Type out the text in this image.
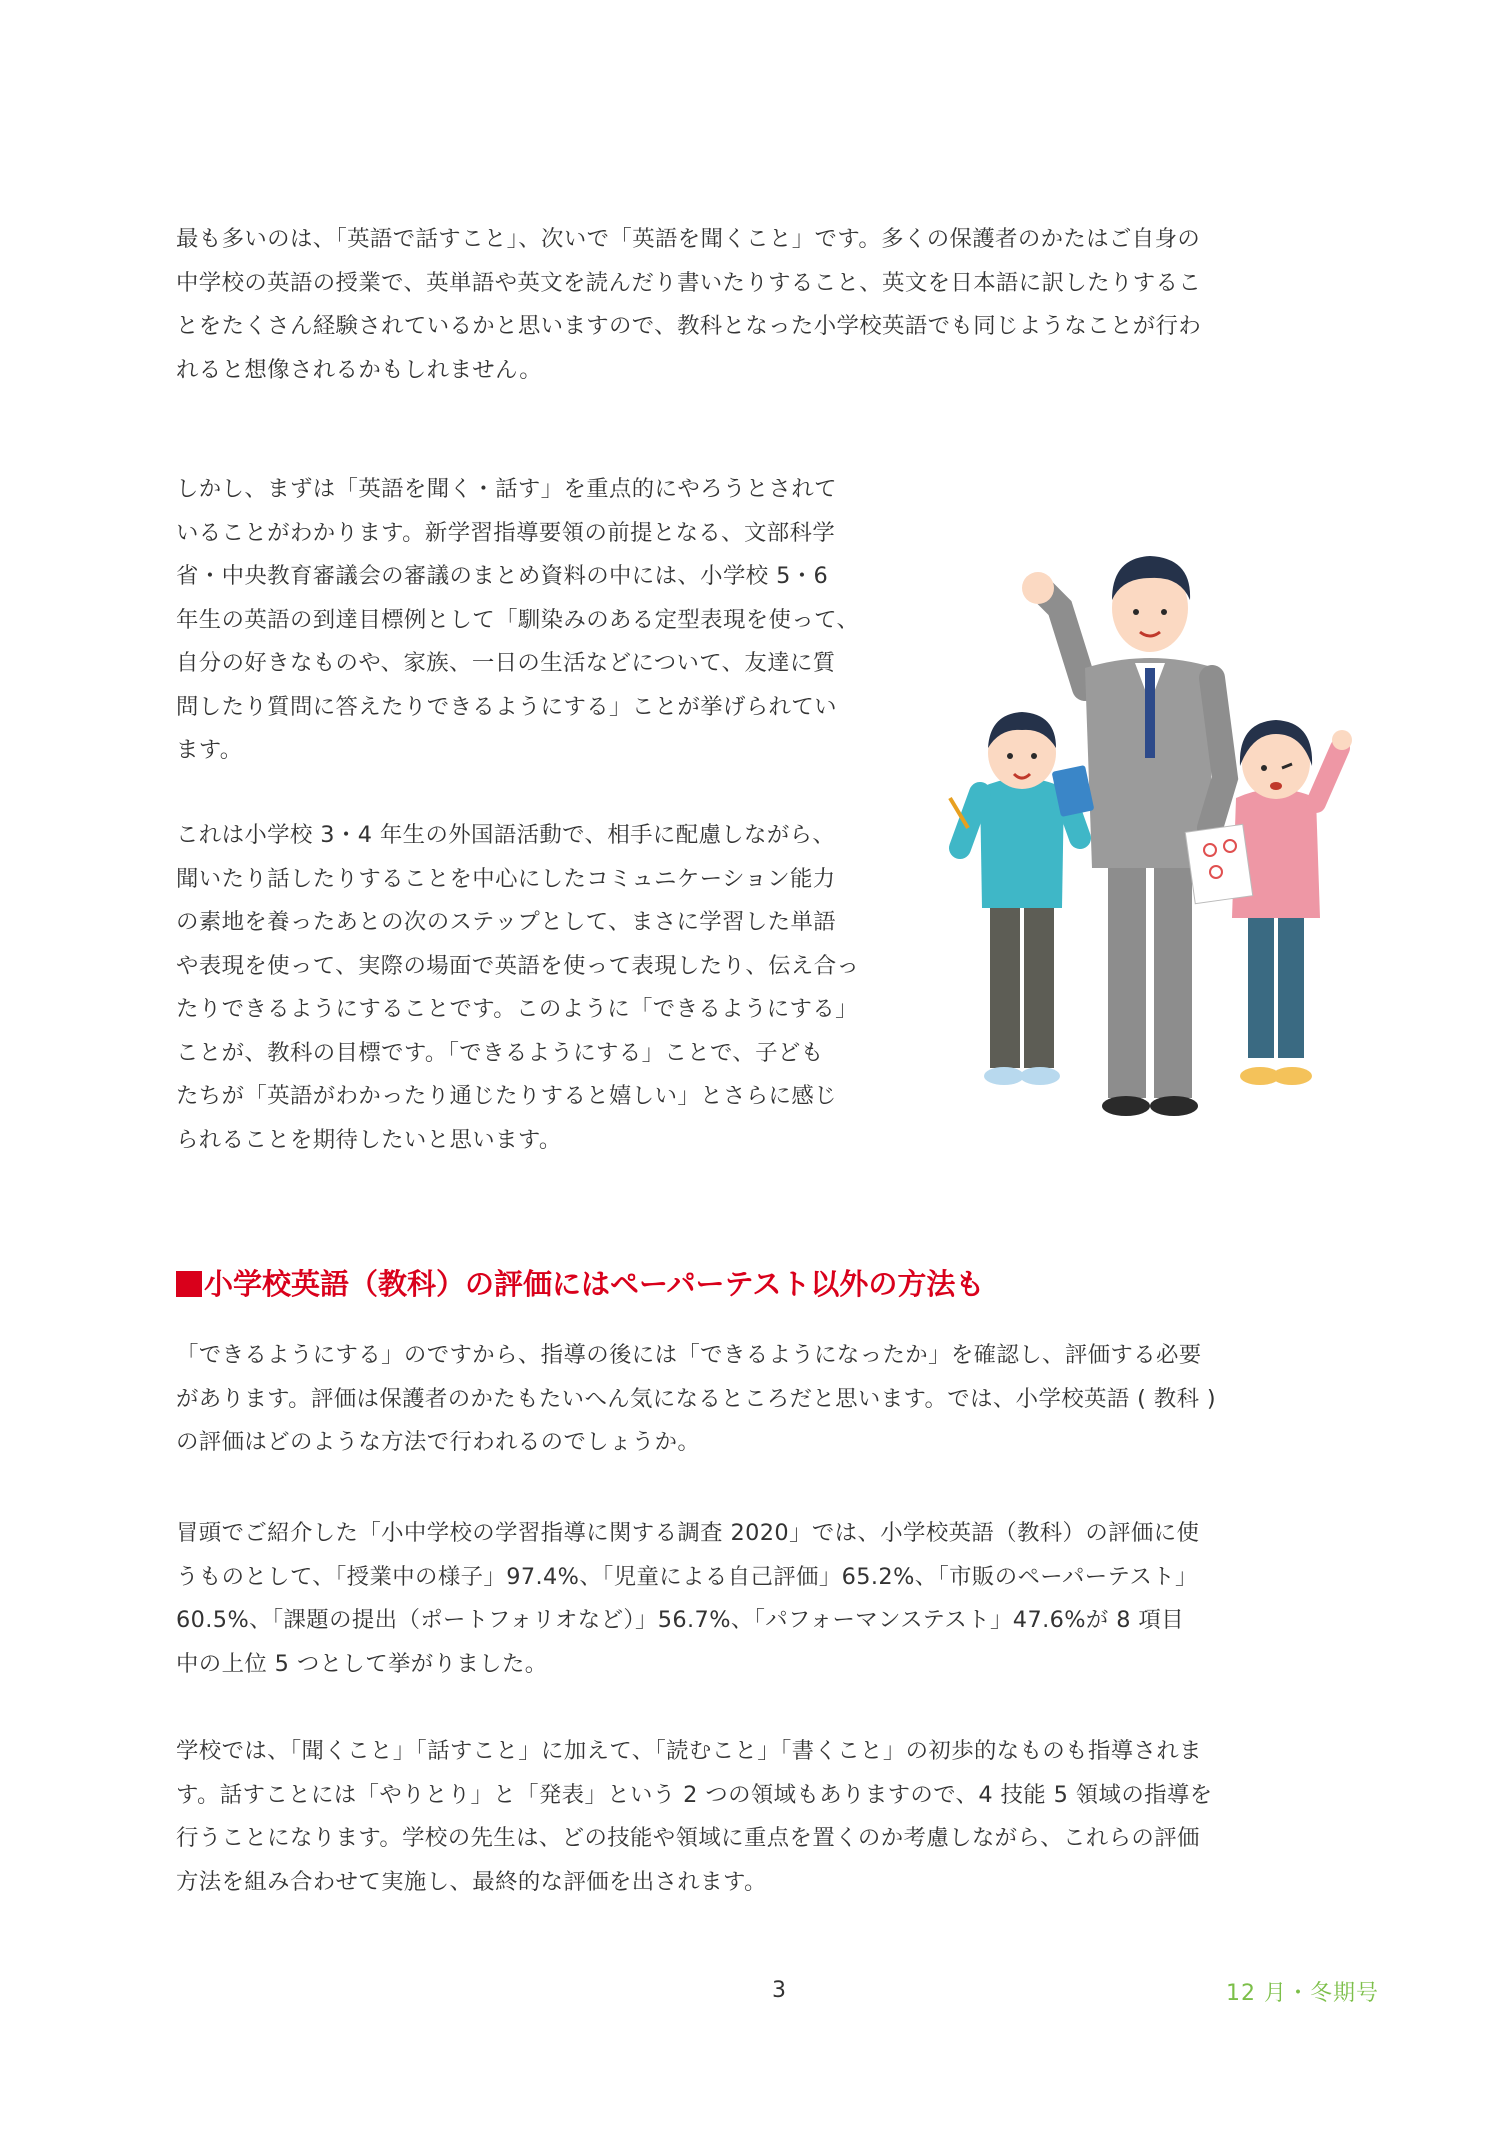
最も多いのは、「英語で話すこと」、次いで「英語を聞くこと」です。多くの保護者のかたはご自身の
中学校の英語の授業で、英単語や英文を読んだり書いたりすること、英文を日本語に訳したりするこ
とをたくさん経験されているかと思いますので、教科となった小学校英語でも同じようなことが行わ
れると想像されるかもしれません。
しかし、まずは「英語を聞く・話す」を重点的にやろうとされて
いることがわかります。新学習指導要領の前提となる、文部科学
省・中央教育審議会の審議のまとめ資料の中には、小学校 5・6
年生の英語の到達目標例として「馴染みのある定型表現を使って、
自分の好きなものや、家族、一日の生活などについて、友達に質
問したり質問に答えたりできるようにする」ことが挙げられてい
ます。
これは小学校 3・4 年生の外国語活動で、相手に配慮しながら、
聞いたり話したりすることを中心にしたコミュニケーション能力
の素地を養ったあとの次のステップとして、まさに学習した単語
や表現を使って、実際の場面で英語を使って表現したり、伝え合っ
たりできるようにすることです。このように「できるようにする」
ことが、教科の目標です。「できるようにする」ことで、子ども
たちが「英語がわかったり通じたりすると嬉しい」とさらに感じ
られることを期待したいと思います。
小学校英語（教科）の評価にはペーパーテスト以外の方法も
「できるようにする」のですから、指導の後には「できるようになったか」を確認し、評価する必要
があります。評価は保護者のかたもたいへん気になるところだと思います。では、小学校英語 ( 教科 )
の評価はどのような方法で行われるのでしょうか。
冒頭でご紹介した「小中学校の学習指導に関する調査 2020」では、小学校英語（教科）の評価に使
うものとして、「授業中の様子」97.4%、「児童による自己評価」65.2%、「市販のペーパーテスト」
60.5%、「課題の提出（ポートフォリオなど）」56.7%、「パフォーマンステスト」47.6%が 8 項目
中の上位 5 つとして挙がりました。
学校では、「聞くこと」「話すこと」に加えて、「読むこと」「書くこと」の初歩的なものも指導されま
す。話すことには「やりとり」と「発表」という 2 つの領域もありますので、4 技能 5 領域の指導を
行うことになります。学校の先生は、どの技能や領域に重点を置くのか考慮しながら、これらの評価
方法を組み合わせて実施し、最終的な評価を出されます。
3	12 月・冬期号
